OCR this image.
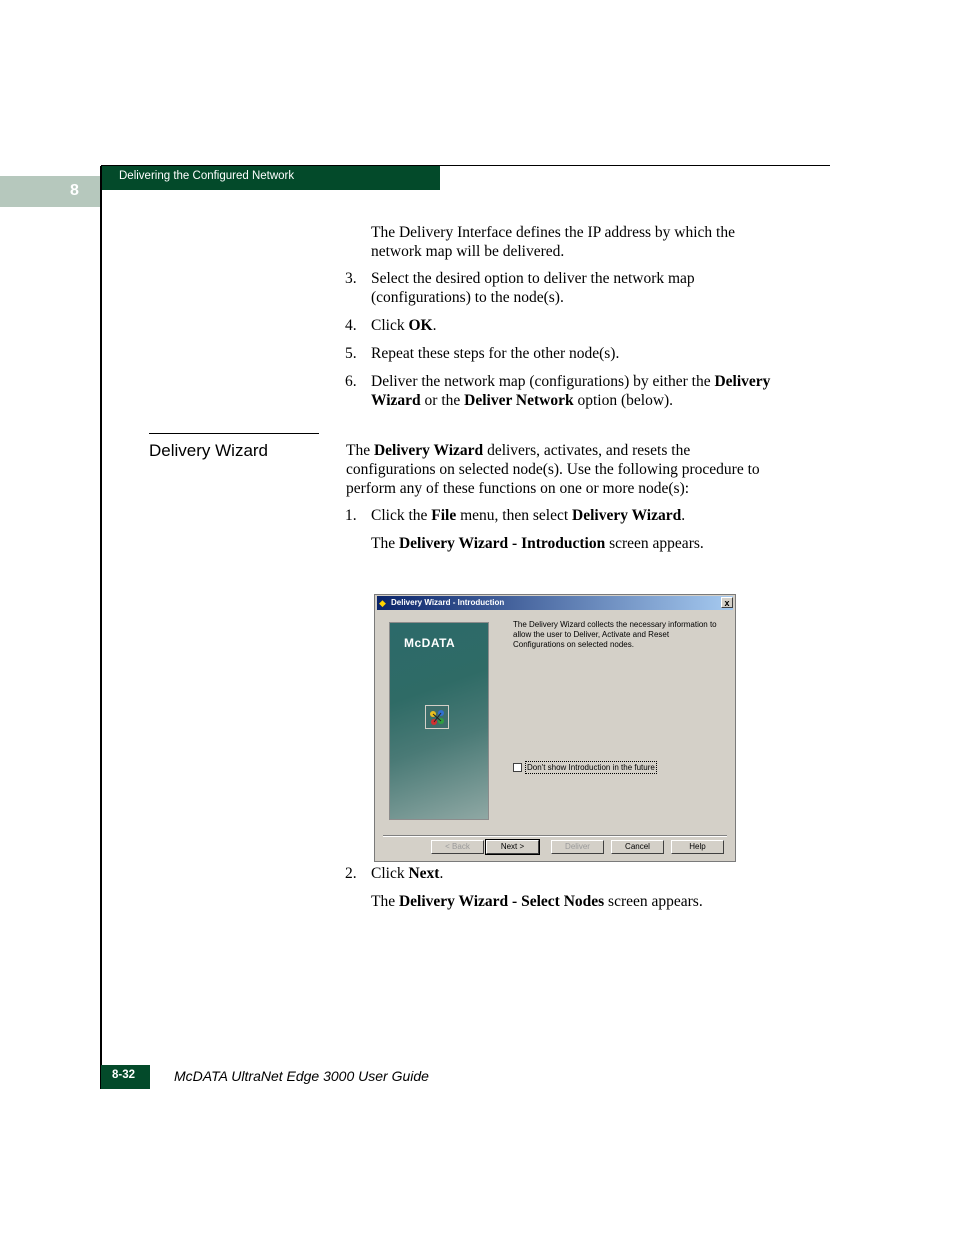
8
Delivering the Configured Network
The Delivery Interface defines the IP address by which the
network map will be delivered.
3. Select the desired option to deliver the network map
(configurations) to the node(s).
4. Click OK.
5. Repeat these steps for the other node(s).
6. Deliver the network map (configurations) by either the Delivery
Wizard or the Deliver Network option (below).
Delivery Wizard	The Delivery Wizard delivers, activates, and resets the
configurations on selected node(s). Use the following procedure to
perform any of these functions on one or more node(s):
1. Click the File menu, then select Delivery Wizard.
The Delivery Wizard - Introduction screen appears.
◆ Delivery Wizard - Introduction	x
McDATA
The Delivery Wizard collects the necessary information to allow the user to Deliver, Activate and Reset Configurations on selected nodes.
Don't show Introduction in the future
< Back	Next >	Deliver	Cancel	Help
2. Click Next.
The Delivery Wizard - Select Nodes screen appears.
8-32	McDATA UltraNet Edge 3000 User Guide
